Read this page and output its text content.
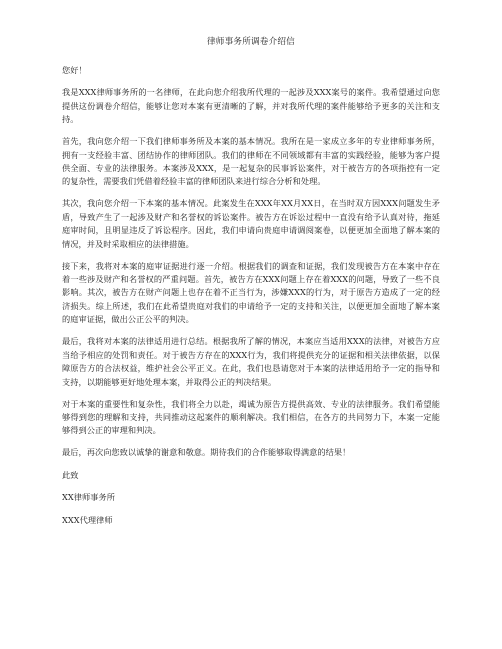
律师事务所调卷介绍信
您好！
我是XXX律师事务所的一名律师，在此向您介绍我所代理的一起涉及XXX案号的案件。我希望通过向您提供这份调卷介绍信，能够让您对本案有更清晰的了解，并对我所代理的案件能够给予更多的关注和支持。
首先，我向您介绍一下我们律师事务所及本案的基本情况。我所在是一家成立多年的专业律师事务所，拥有一支经验丰富、团结协作的律师团队。我们的律师在不同领域都有丰富的实践经验，能够为客户提供全面、专业的法律服务。本案涉及XXX，是一起复杂的民事诉讼案件，对于被告方的各项指控有一定的复杂性，需要我们凭借着经验丰富的律师团队来进行综合分析和处理。
其次，我向您介绍一下本案的基本情况。此案发生在XXX年XX月XX日，在当时双方因XXX问题发生矛盾，导致产生了一起涉及财产和名誉权的诉讼案件。被告方在诉讼过程中一直没有给予认真对待，拖延庭审时间，且明显违反了诉讼程序。因此，我们申请向贵庭申请调阅案卷，以便更加全面地了解本案的情况，并及时采取相应的法律措施。
接下来，我将对本案的庭审证据进行逐一介绍。根据我们的调查和证据，我们发现被告方在本案中存在着一些涉及财产和名誉权的严重问题。首先，被告方在XXX问题上存在着XXX的问题，导致了一些不良影响。其次，被告方在财产问题上也存在着不正当行为，涉嫌XXX的行为，对于原告方造成了一定的经济损失。综上所述，我们在此希望贵庭对我们的申请给予一定的支持和关注，以便更加全面地了解本案的庭审证据，做出公正公平的判决。
最后，我将对本案的法律适用进行总结。根据我所了解的情况，本案应当适用XXX的法律，对被告方应当给予相应的处罚和责任。对于被告方存在的XXX行为，我们将提供充分的证据和相关法律依据，以保障原告方的合法权益，维护社会公平正义。在此，我们也恳请您对于本案的法律适用给予一定的指导和支持，以期能够更好地处理本案，并取得公正的判决结果。
对于本案的重要性和复杂性，我们将全力以赴，竭诚为原告方提供高效、专业的法律服务。我们希望能够得到您的理解和支持，共同推动这起案件的顺利解决。我们相信，在各方的共同努力下，本案一定能够得到公正的审理和判决。
最后，再次向您致以诚挚的谢意和敬意。期待我们的合作能够取得满意的结果！
此致
XX律师事务所
XXX代理律师
